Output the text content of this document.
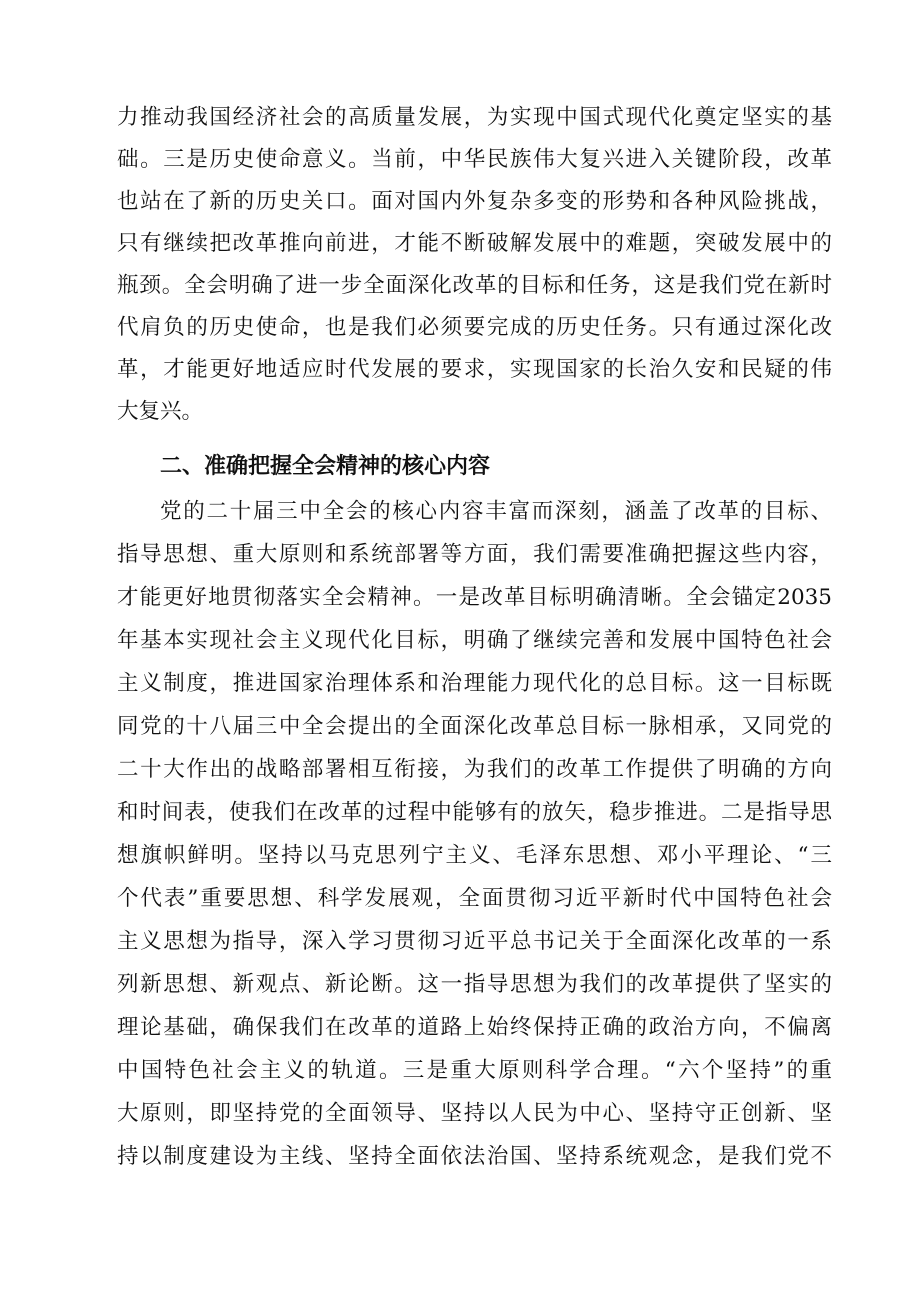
力推动我国经济社会的高质量发展，为实现中国式现代化奠定坚实的基
础。三是历史使命意义。当前，中华民族伟大复兴进入关键阶段，改革
也站在了新的历史关口。面对国内外复杂多变的形势和各种风险挑战，
只有继续把改革推向前进，才能不断破解发展中的难题，突破发展中的
瓶颈。全会明确了进一步全面深化改革的目标和任务，这是我们党在新时
代肩负的历史使命，也是我们必须要完成的历史任务。只有通过深化改
革，才能更好地适应时代发展的要求，实现国家的长治久安和民疑的伟
大复兴。
二、准确把握全会精神的核心内容
党的二十届三中全会的核心内容丰富而深刻，涵盖了改革的目标、
指导思想、重大原则和系统部署等方面，我们需要准确把握这些内容，
才能更好地贯彻落实全会精神。一是改革目标明确清晰。全会锚定2035
年基本实现社会主义现代化目标，明确了继续完善和发展中国特色社会
主义制度，推进国家治理体系和治理能力现代化的总目标。这一目标既
同党的十八届三中全会提出的全面深化改革总目标一脉相承，又同党的
二十大作出的战略部署相互衔接，为我们的改革工作提供了明确的方向
和时间表，使我们在改革的过程中能够有的放矢，稳步推进。二是指导思
想旗帜鲜明。坚持以马克思列宁主义、毛泽东思想、邓小平理论、“三
个代表”重要思想、科学发展观，全面贯彻习近平新时代中国特色社会
主义思想为指导，深入学习贯彻习近平总书记关于全面深化改革的一系
列新思想、新观点、新论断。这一指导思想为我们的改革提供了坚实的
理论基础，确保我们在改革的道路上始终保持正确的政治方向，不偏离
中国特色社会主义的轨道。三是重大原则科学合理。“六个坚持”的重
大原则，即坚持党的全面领导、坚持以人民为中心、坚持守正创新、坚
持以制度建设为主线、坚持全面依法治国、坚持系统观念，是我们党不
